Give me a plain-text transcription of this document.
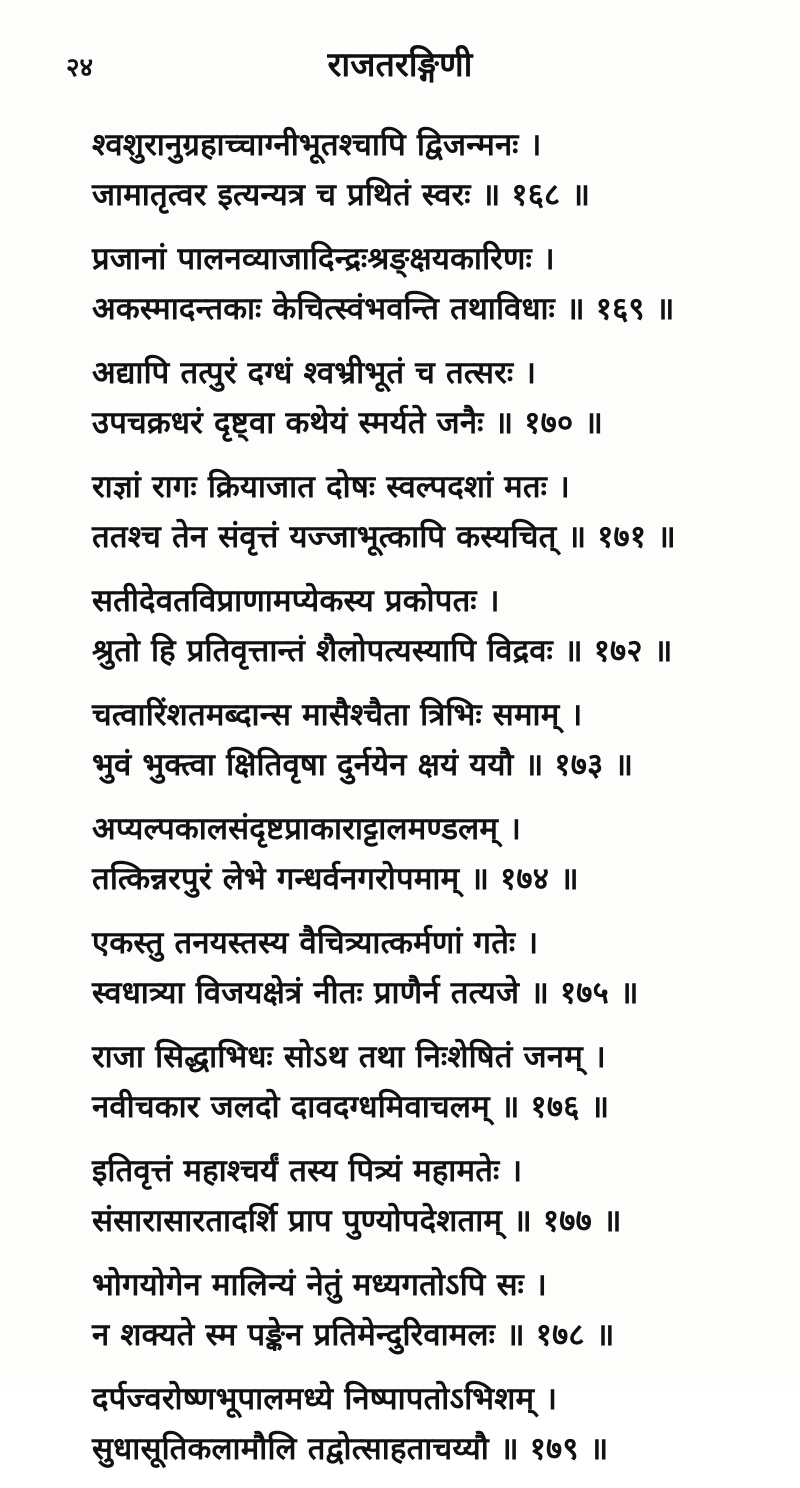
२४	राजतरङ्गिणी
श्वशुरानुग्रहाच्चाग्नीभूतश्चापि द्विजन्मनः ।
जामातृत्वर इत्यन्यत्र च प्रथितं स्वरः ॥ १६८ ॥
प्रजानां पालनव्याजादिन्द्रःश्रङ्क्षयकारिणः ।
अकस्मादन्तकाः केचित्स्वंभवन्ति तथाविधाः ॥ १६९ ॥
अद्यापि तत्पुरं दग्धं श्वभ्रीभूतं च तत्सरः ।
उपचक्रधरं दृष्ट्वा कथेयं स्मर्यते जनैः ॥ १७० ॥
राज्ञां रागः क्रियाजात दोषः स्वल्पदशां मतः ।
ततश्च तेन संवृत्तं यज्जाभूत्कापि कस्यचित् ॥ १७१ ॥
सतीदेवतविप्राणामप्येकस्य प्रकोपतः ।
श्रुतो हि प्रतिवृत्तान्तं शैलोपत्यस्यापि विद्रवः ॥ १७२ ॥
चत्वारिंशतमब्दान्स मासैश्चैता त्रिभिः समाम् ।
भुवं भुक्त्वा क्षितिवृषा दुर्नयेन क्षयं ययौ ॥ १७३ ॥
अप्यल्पकालसंदृष्टप्राकाराट्टालमण्डलम् ।
तत्किन्नरपुरं लेभे गन्धर्वनगरोपमाम् ॥ १७४ ॥
एकस्तु तनयस्तस्य वैचित्र्यात्कर्मणां गतेः ।
स्वधात्र्या विजयक्षेत्रं नीतः प्राणैर्न तत्यजे ॥ १७५ ॥
राजा सिद्धाभिधः सोऽथ तथा निःशेषितं जनम् ।
नवीचकार जलदो दावदग्धमिवाचलम् ॥ १७६ ॥
इतिवृत्तं महाश्चर्यं तस्य पित्र्यं महामतेः ।
संसारासारतादर्शि प्राप पुण्योपदेशताम् ॥ १७७ ॥
भोगयोगेन मालिन्यं नेतुं मध्यगतोऽपि सः ।
न शक्यते स्म पङ्केन प्रतिमेन्दुरिवामलः ॥ १७८ ॥
दर्पज्वरोष्णभूपालमध्ये निष्पापतोऽभिशम् ।
सुधासूतिकलामौलि तद्वोत्साहताचय्यौ ॥ १७९ ॥
